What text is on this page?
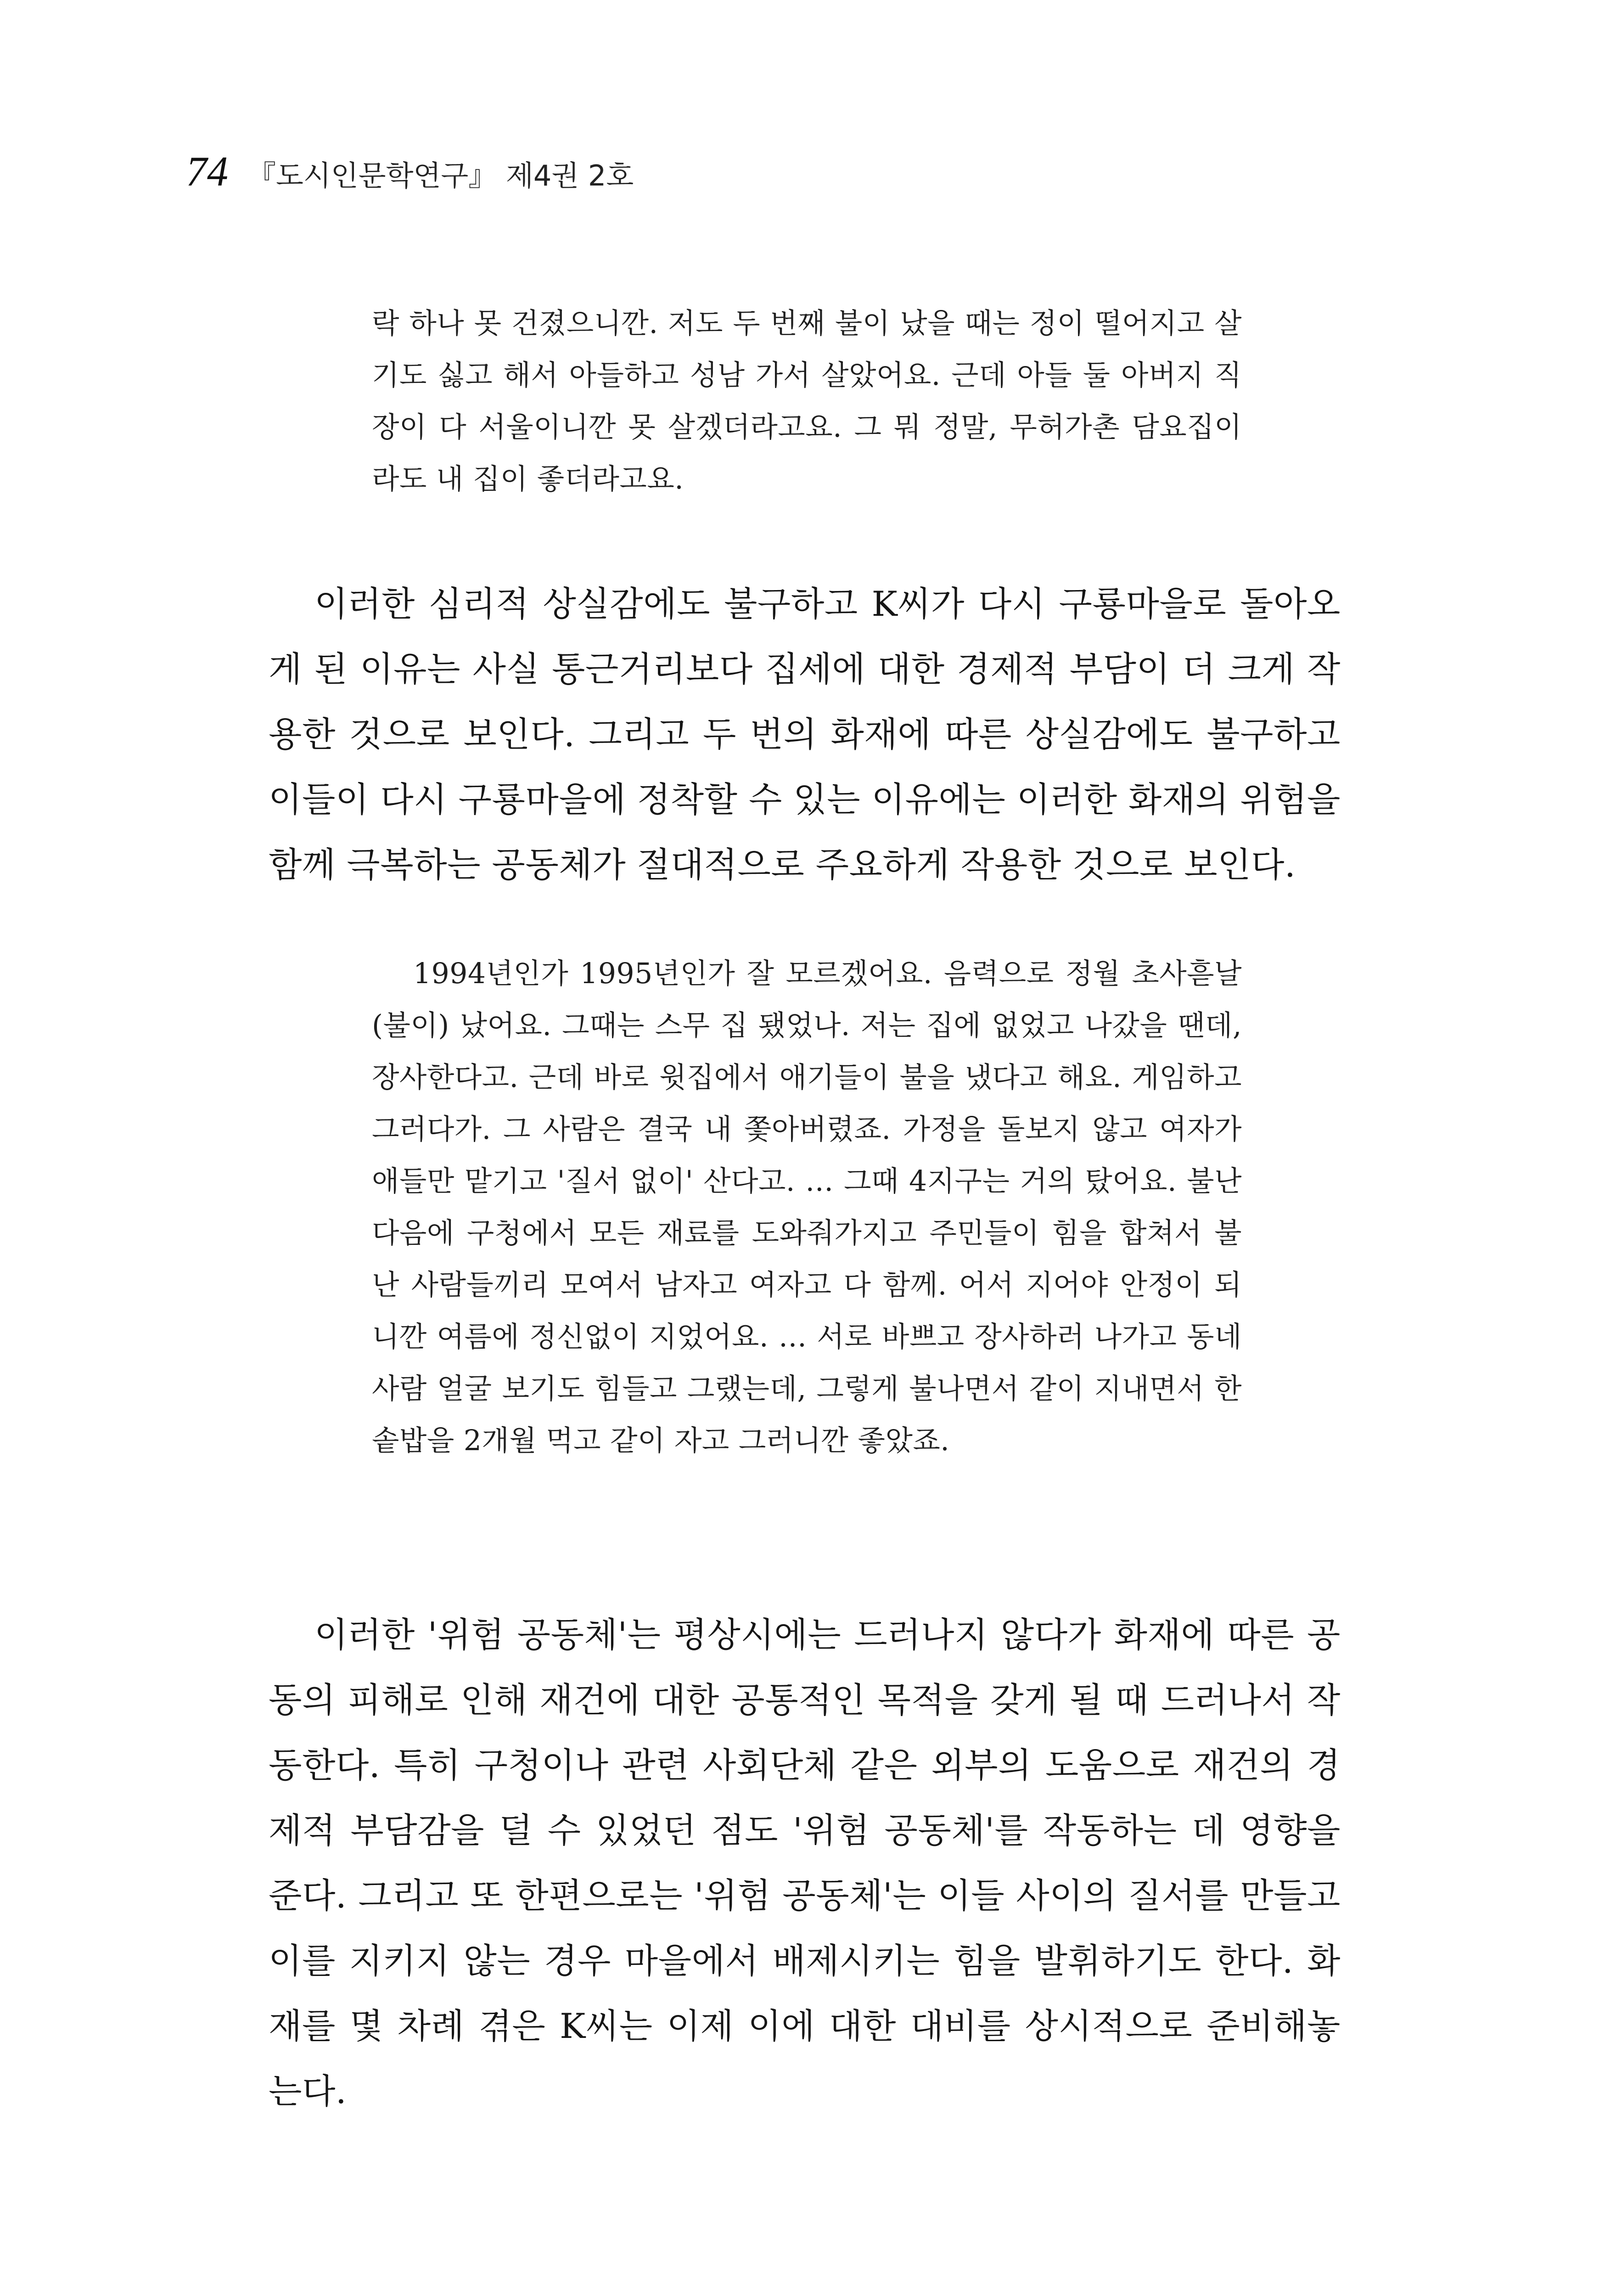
74 『도시인문학연구』 제4권 2호

락 하나 못 건졌으니깐. 저도 두 번째 불이 났을 때는 정이 떨어지고 살기도 싫고 해서 아들하고 성남 가서 살았어요. 근데 아들 둘 아버지 직장이 다 서울이니깐 못 살겠더라고요. 그 뭐 정말, 무허가촌 담요집이라도 내 집이 좋더라고요.

이러한 심리적 상실감에도 불구하고 K씨가 다시 구룡마을로 돌아오게 된 이유는 사실 통근거리보다 집세에 대한 경제적 부담이 더 크게 작용한 것으로 보인다. 그리고 두 번의 화재에 따른 상실감에도 불구하고 이들이 다시 구룡마을에 정착할 수 있는 이유에는 이러한 화재의 위험을 함께 극복하는 공동체가 절대적으로 주요하게 작용한 것으로 보인다.

1994년인가 1995년인가 잘 모르겠어요. 음력으로 정월 초사흗날 (불이) 났어요. 그때는 스무 집 됐었나. 저는 집에 없었고 나갔을 땐데, 장사한다고. 근데 바로 윗집에서 애기들이 불을 냈다고 해요. 게임하고 그러다가. 그 사람은 결국 내 쫓아버렸죠. 가정을 돌보지 않고 여자가 애들만 맡기고 '질서 없이' 산다고. … 그때 4지구는 거의 탔어요. 불난 다음에 구청에서 모든 재료를 도와줘가지고 주민들이 힘을 합쳐서 불난 사람들끼리 모여서 남자고 여자고 다 함께. 어서 지어야 안정이 되니깐 여름에 정신없이 지었어요. … 서로 바쁘고 장사하러 나가고 동네사람 얼굴 보기도 힘들고 그랬는데, 그렇게 불나면서 같이 지내면서 한솥밥을 2개월 먹고 같이 자고 그러니깐 좋았죠.

이러한 '위험 공동체'는 평상시에는 드러나지 않다가 화재에 따른 공동의 피해로 인해 재건에 대한 공통적인 목적을 갖게 될 때 드러나서 작동한다. 특히 구청이나 관련 사회단체 같은 외부의 도움으로 재건의 경제적 부담감을 덜 수 있었던 점도 '위험 공동체'를 작동하는 데 영향을 준다. 그리고 또 한편으로는 '위험 공동체'는 이들 사이의 질서를 만들고 이를 지키지 않는 경우 마을에서 배제시키는 힘을 발휘하기도 한다. 화재를 몇 차례 겪은 K씨는 이제 이에 대한 대비를 상시적으로 준비해놓는다.
